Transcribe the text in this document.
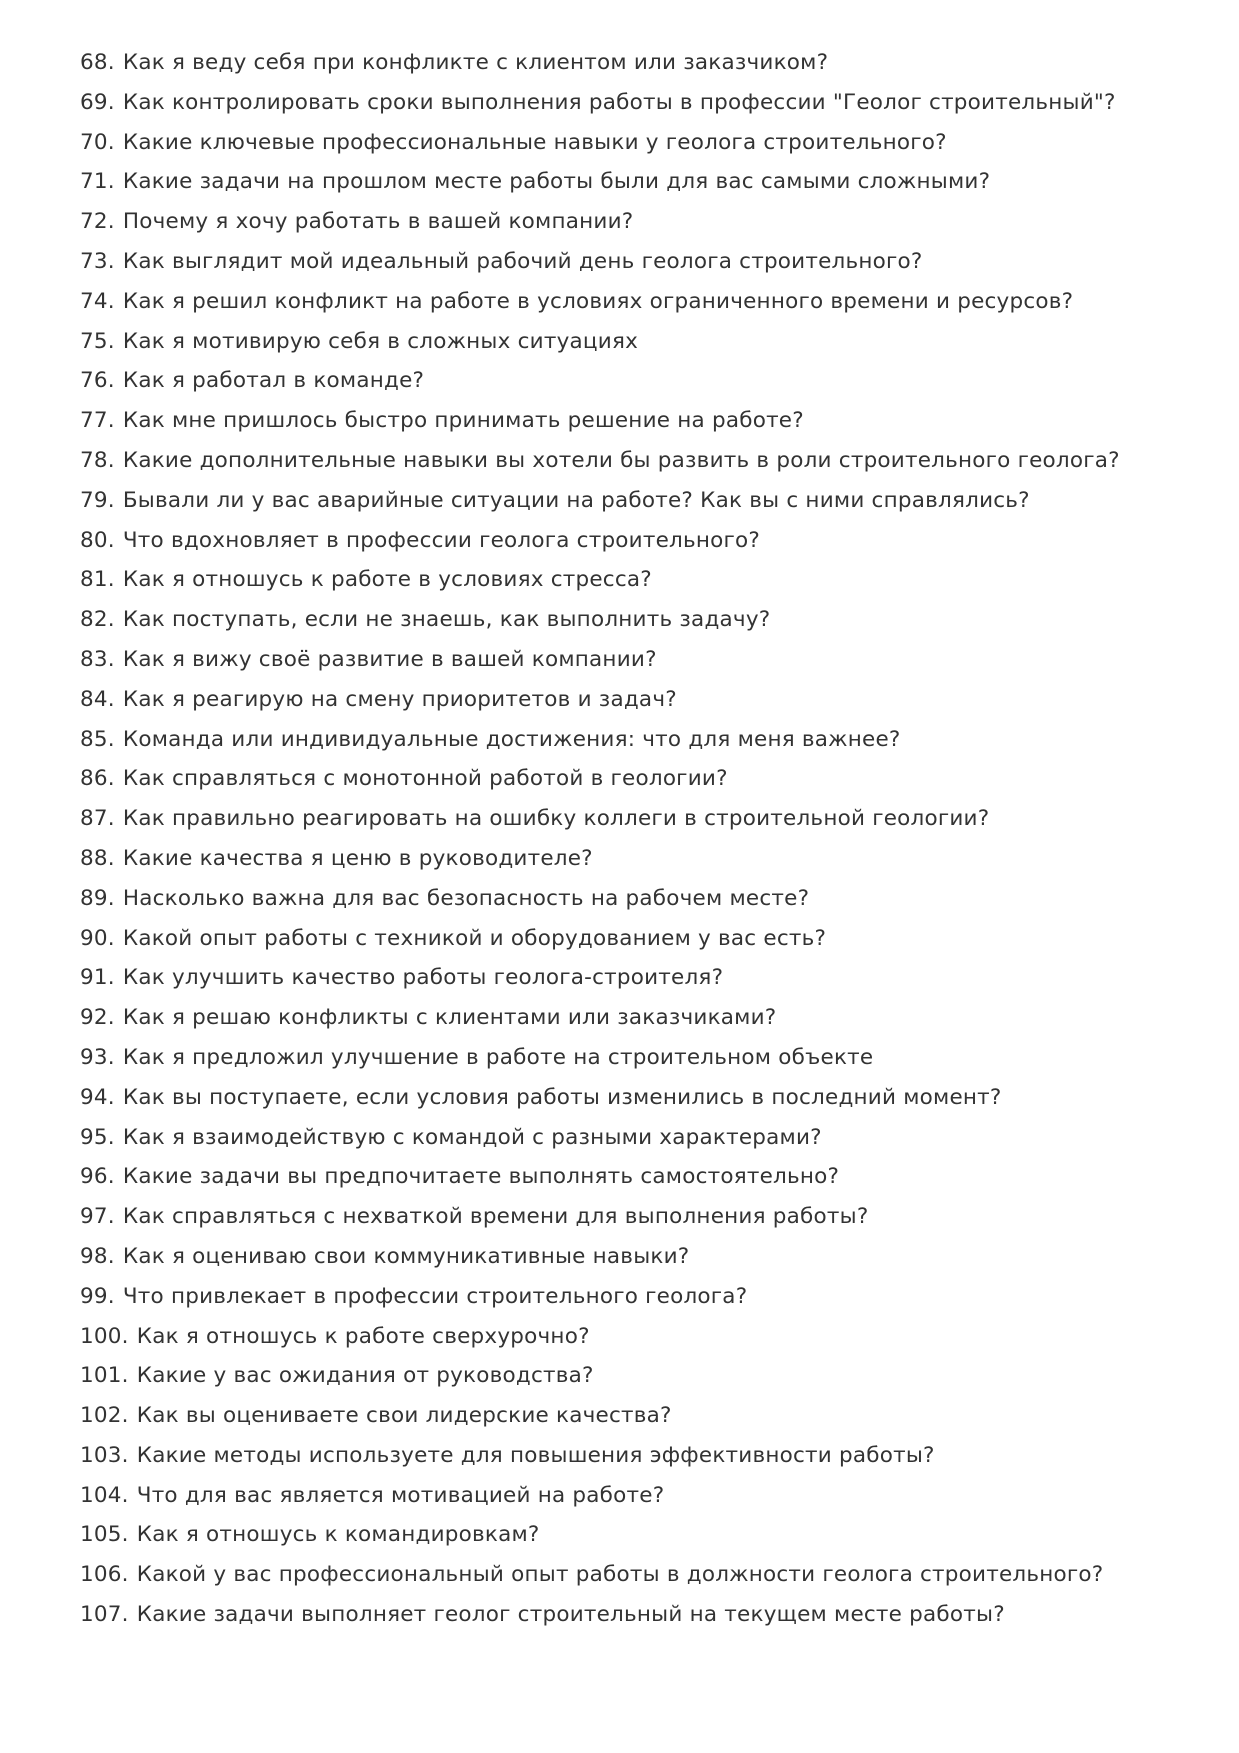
68. Как я веду себя при конфликте с клиентом или заказчиком?
69. Как контролировать сроки выполнения работы в профессии "Геолог строительный"?
70. Какие ключевые профессиональные навыки у геолога строительного?
71. Какие задачи на прошлом месте работы были для вас самыми сложными?
72. Почему я хочу работать в вашей компании?
73. Как выглядит мой идеальный рабочий день геолога строительного?
74. Как я решил конфликт на работе в условиях ограниченного времени и ресурсов?
75. Как я мотивирую себя в сложных ситуациях
76. Как я работал в команде?
77. Как мне пришлось быстро принимать решение на работе?
78. Какие дополнительные навыки вы хотели бы развить в роли строительного геолога?
79. Бывали ли у вас аварийные ситуации на работе? Как вы с ними справлялись?
80. Что вдохновляет в профессии геолога строительного?
81. Как я отношусь к работе в условиях стресса?
82. Как поступать, если не знаешь, как выполнить задачу?
83. Как я вижу своё развитие в вашей компании?
84. Как я реагирую на смену приоритетов и задач?
85. Команда или индивидуальные достижения: что для меня важнее?
86. Как справляться с монотонной работой в геологии?
87. Как правильно реагировать на ошибку коллеги в строительной геологии?
88. Какие качества я ценю в руководителе?
89. Насколько важна для вас безопасность на рабочем месте?
90. Какой опыт работы с техникой и оборудованием у вас есть?
91. Как улучшить качество работы геолога-строителя?
92. Как я решаю конфликты с клиентами или заказчиками?
93. Как я предложил улучшение в работе на строительном объекте
94. Как вы поступаете, если условия работы изменились в последний момент?
95. Как я взаимодействую с командой с разными характерами?
96. Какие задачи вы предпочитаете выполнять самостоятельно?
97. Как справляться с нехваткой времени для выполнения работы?
98. Как я оцениваю свои коммуникативные навыки?
99. Что привлекает в профессии строительного геолога?
100. Как я отношусь к работе сверхурочно?
101. Какие у вас ожидания от руководства?
102. Как вы оцениваете свои лидерские качества?
103. Какие методы используете для повышения эффективности работы?
104. Что для вас является мотивацией на работе?
105. Как я отношусь к командировкам?
106. Какой у вас профессиональный опыт работы в должности геолога строительного?
107. Какие задачи выполняет геолог строительный на текущем месте работы?
